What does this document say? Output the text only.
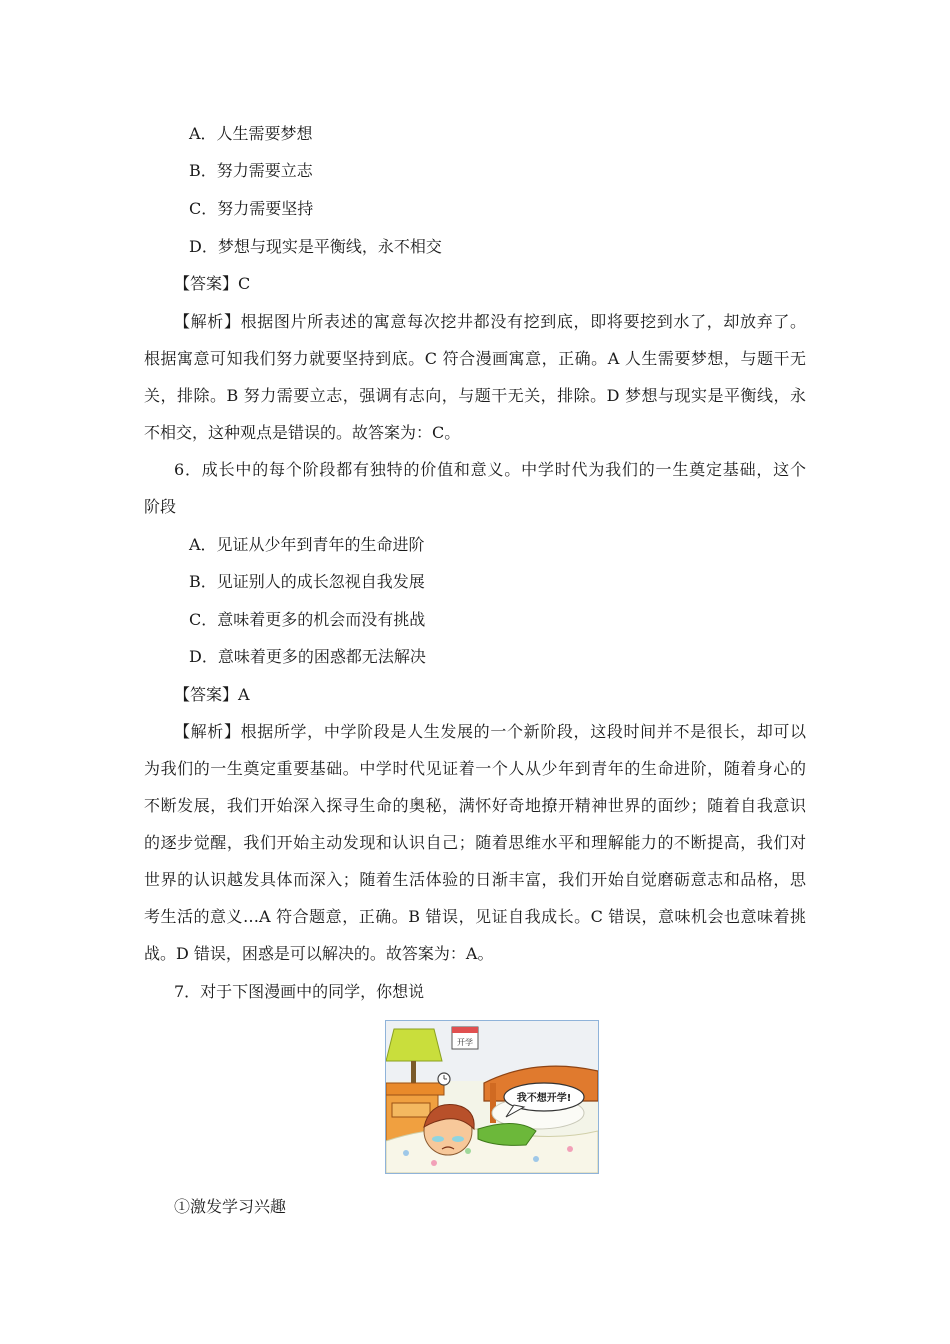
A．人生需要梦想
B．努力需要立志
C．努力需要坚持
D．梦想与现实是平衡线，永不相交
【答案】C
【解析】根据图片所表述的寓意每次挖井都没有挖到底，即将要挖到水了，却放弃了。
根据寓意可知我们努力就要坚持到底。C 符合漫画寓意，正确。A 人生需要梦想，与题干无
关，排除。B 努力需要立志，强调有志向，与题干无关，排除。D 梦想与现实是平衡线，永
不相交，这种观点是错误的。故答案为：C。
6．成长中的每个阶段都有独特的价值和意义。中学时代为我们的一生奠定基础，这个
阶段
A．见证从少年到青年的生命进阶
B．见证别人的成长忽视自我发展
C．意味着更多的机会而没有挑战
D．意味着更多的困惑都无法解决
【答案】A
【解析】根据所学，中学阶段是人生发展的一个新阶段，这段时间并不是很长，却可以
为我们的一生奠定重要基础。中学时代见证着一个人从少年到青年的生命进阶，随着身心的
不断发展，我们开始深入探寻生命的奥秘，满怀好奇地撩开精神世界的面纱；随着自我意识
的逐步觉醒，我们开始主动发现和认识自己；随着思维水平和理解能力的不断提高，我们对
世界的认识越发具体而深入；随着生活体验的日渐丰富，我们开始自觉磨砺意志和品格，思
考生活的意义…A 符合题意，正确。B 错误，见证自我成长。C 错误，意味机会也意味着挑
战。D 错误，困惑是可以解决的。故答案为：A。
7．对于下图漫画中的同学，你想说
开学
我不想开学!
①激发学习兴趣
